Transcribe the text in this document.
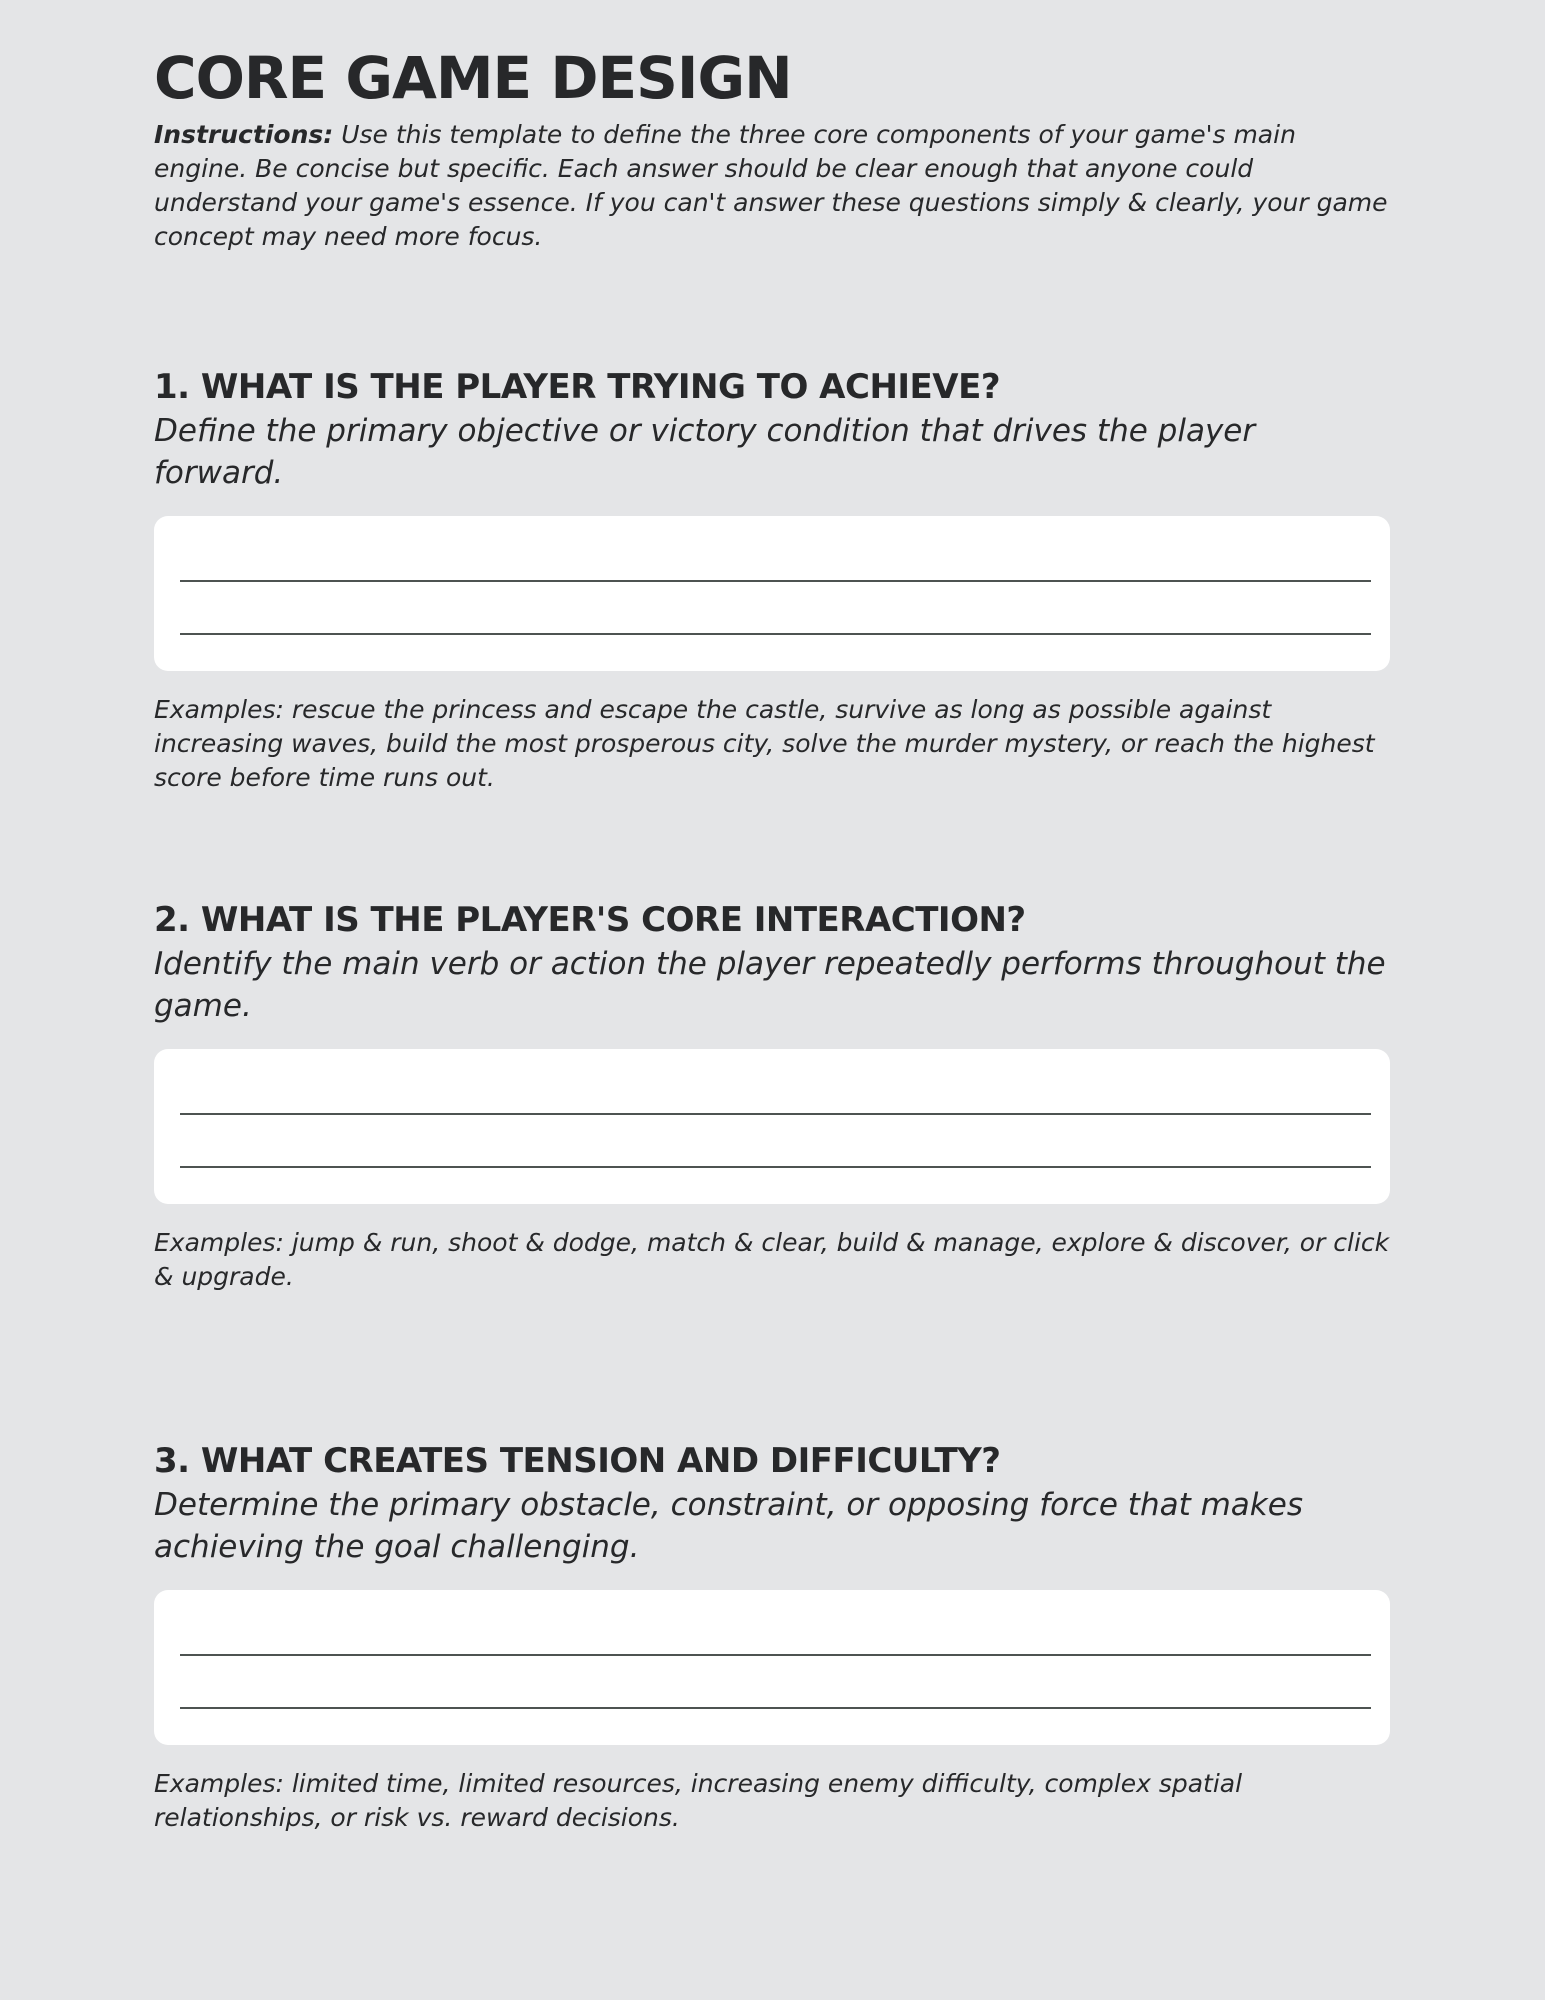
CORE GAME DESIGN

Instructions: Use this template to define the three core components of your game's main engine. Be concise but specific. Each answer should be clear enough that anyone could understand your game's essence. If you can't answer these questions simply & clearly, your game concept may need more focus.

1. WHAT IS THE PLAYER TRYING TO ACHIEVE?

Define the primary objective or victory condition that drives the player forward.

Examples: rescue the princess and escape the castle, survive as long as possible against increasing waves, build the most prosperous city, solve the murder mystery, or reach the highest score before time runs out.

2. WHAT IS THE PLAYER'S CORE INTERACTION?

Identify the main verb or action the player repeatedly performs throughout the game.

Examples: jump & run, shoot & dodge, match & clear, build & manage, explore & discover, or click & upgrade.

3. WHAT CREATES TENSION AND DIFFICULTY?

Determine the primary obstacle, constraint, or opposing force that makes achieving the goal challenging.

Examples: limited time, limited resources, increasing enemy difficulty, complex spatial relationships, or risk vs. reward decisions.
